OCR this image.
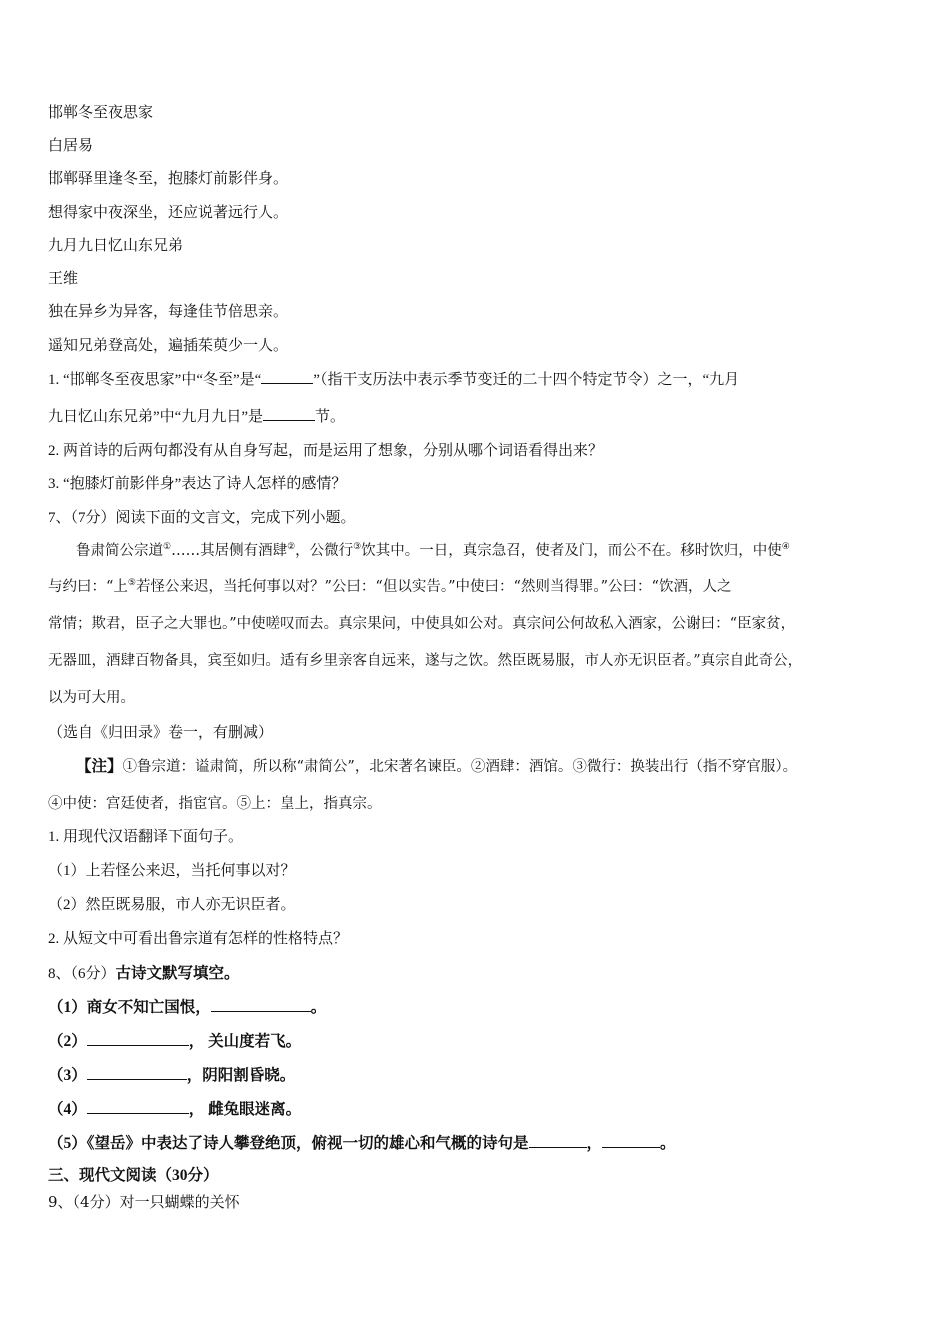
邯郸冬至夜思家
白居易
邯郸驿里逢冬至，抱膝灯前影伴身。
想得家中夜深坐，还应说著远行人。
九月九日忆山东兄弟
王维
独在异乡为异客，每逢佳节倍思亲。
遥知兄弟登高处，遍插茱萸少一人。
1. “邯郸冬至夜思家”中“冬至”是“	”（指干支历法中表示季节变迁的二十四个特定节令）之一，“九月
九日忆山东兄弟”中“九月九日”是	节。
2. 两首诗的后两句都没有从自身写起，而是运用了想象，分别从哪个词语看得出来？
3. “抱膝灯前影伴身”表达了诗人怎样的感情？
7、（7分）阅读下面的文言文，完成下列小题。
鲁肃简公宗道①……其居侧有酒肆②，公微行③饮其中。一日，真宗急召，使者及门，而公不在。移时饮归，中使④
与约曰：“上⑤若怪公来迟，当托何事以对？”公曰：“但以实告。”中使曰：“然则当得罪。”公曰：“饮酒，人之
常情；欺君，臣子之大罪也。”中使嗟叹而去。真宗果问，中使具如公对。真宗问公何故私入酒家，公谢曰：“臣家贫，
无器皿，酒肆百物备具，宾至如归。适有乡里亲客自远来，遂与之饮。然臣既易服，市人亦无识臣者。”真宗自此奇公，
以为可大用。
（选自《归田录》卷一，有删减）
【注】①鲁宗道：谥肃简，所以称“肃简公”，北宋著名谏臣。②酒肆：酒馆。③微行：换装出行（指不穿官服）。
④中使：宫廷使者，指宦官。⑤上：皇上，指真宗。
1. 用现代汉语翻译下面句子。
（1）上若怪公来迟，当托何事以对？
（2）然臣既易服，市人亦无识臣者。
2. 从短文中可看出鲁宗道有怎样的性格特点？
8、（6分）古诗文默写填空。
（1）商女不知亡国恨，	。
（2）	， 关山度若飞。
（3）	，阴阳割昏晓。
（4）	， 雌兔眼迷离。
（5）《望岳》中表达了诗人攀登绝顶，俯视一切的雄心和气概的诗句是	，	。
三、现代文阅读（30分）
9、（4分）对一只蝴蝶的关怀
